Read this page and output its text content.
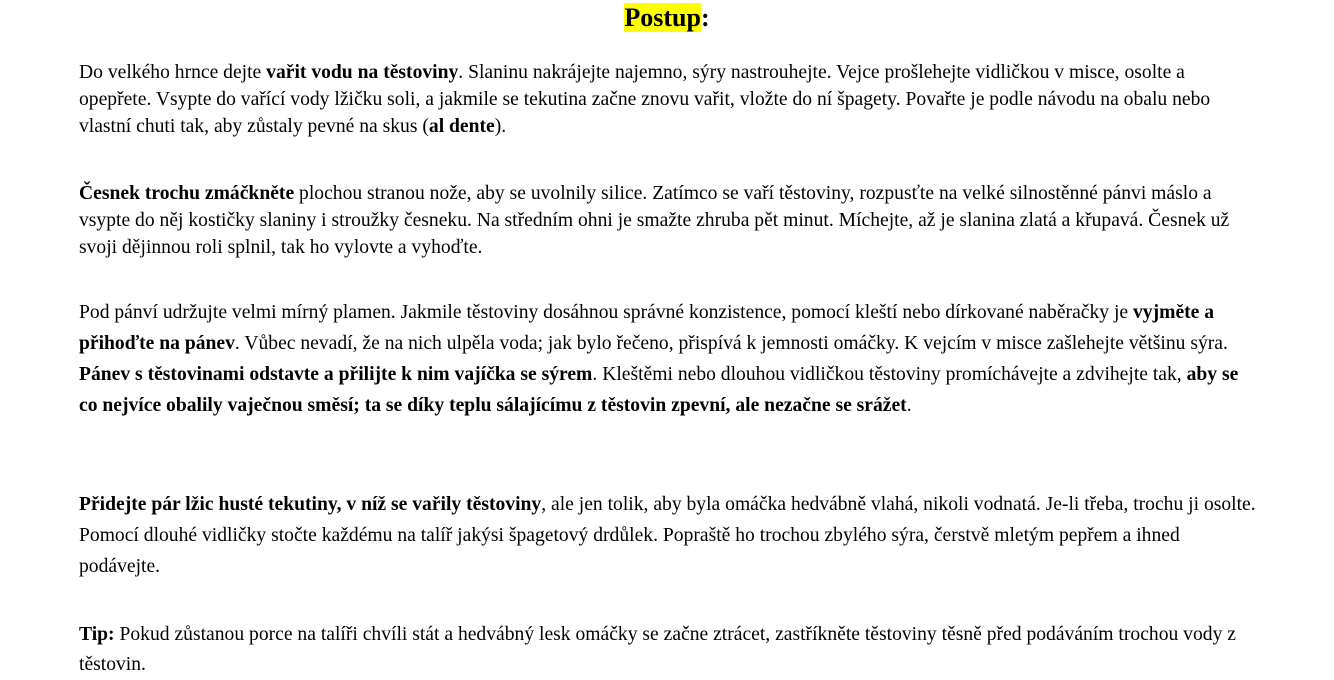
Postup:

Do velkého hrnce dejte vařit vodu na těstoviny. Slaninu nakrájejte najemno, sýry nastrouhejte. Vejce prošlehejte vidličkou v misce, osolte a opepřete. Vsypte do vařící vody lžičku soli, a jakmile se tekutina začne znovu vařit, vložte do ní špagety. Povařte je podle návodu na obalu nebo vlastní chuti tak, aby zůstaly pevné na skus (al dente).

Česnek trochu zmáčkněte plochou stranou nože, aby se uvolnily silice. Zatímco se vaří těstoviny, rozpusťte na velké silnostěnné pánvi máslo a vsypte do něj kostičky slaniny i stroužky česneku. Na středním ohni je smažte zhruba pět minut. Míchejte, až je slanina zlatá a křupavá. Česnek už svoji dějinnou roli splnil, tak ho vylovte a vyhoďte.

Pod pánví udržujte velmi mírný plamen. Jakmile těstoviny dosáhnou správné konzistence, pomocí kleští nebo dírkované naběračky je vyjměte a přihoďte na pánev. Vůbec nevadí, že na nich ulpěla voda; jak bylo řečeno, přispívá k jemnosti omáčky. K vejcím v misce zašlehejte většinu sýra. Pánev s těstovinami odstavte a přilijte k nim vajíčka se sýrem. Kleštěmi nebo dlouhou vidličkou těstoviny promíchávejte a zdvihejte tak, aby se co nejvíce obalily vaječnou směsí; ta se díky teplu sálajícímu z těstovin zpevní, ale nezačne se srážet.

Přidejte pár lžic husté tekutiny, v níž se vařily těstoviny, ale jen tolik, aby byla omáčka hedvábně vlahá, nikoli vodnatá. Je-li třeba, trochu ji osolte. Pomocí dlouhé vidličky stočte každému na talíř jakýsi špagetový drdůlek. Popraště ho trochou zbylého sýra, čerstvě mletým pepřem a ihned podávejte.

Tip: Pokud zůstanou porce na talíři chvíli stát a hedvábný lesk omáčky se začne ztrácet, zastříkněte těstoviny těsně před podáváním trochou vody z těstovin.
